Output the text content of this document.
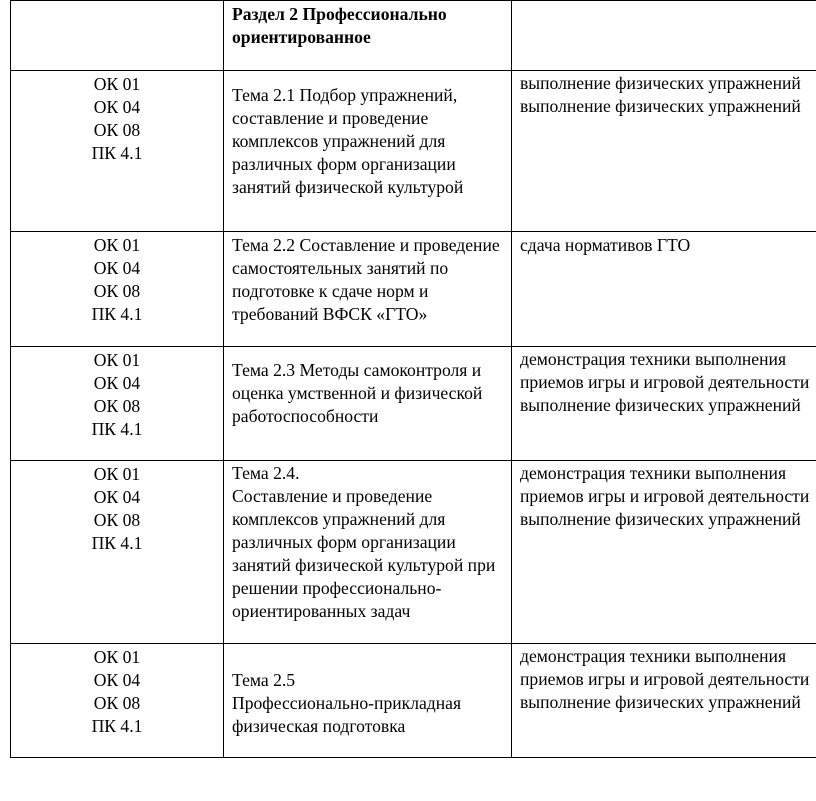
	Раздел 2 Профессионально ориентированное	

ОК 01
ОК 04
ОК 08
ПК 4.1	Тема 2.1 Подбор упражнений, составление и проведение комплексов упражнений для различных форм организации занятий физической культурой	выполнение физических упражнений выполнение физических упражнений

ОК 01
ОК 04
ОК 08
ПК 4.1	Тема 2.2 Составление и проведение самостоятельных занятий по подготовке к сдаче норм и требований ВФСК «ГТО»	сдача нормативов ГТО

ОК 01
ОК 04
ОК 08
ПК 4.1	Тема 2.3 Методы самоконтроля и оценка умственной и физической работоспособности	демонстрация техники выполнения приемов игры и игровой деятельности выполнение физических упражнений

ОК 01
ОК 04
ОК 08
ПК 4.1	Тема 2.4.
Составление и проведение комплексов упражнений для различных форм организации занятий физической культурой при решении профессионально-ориентированных задач	демонстрация техники выполнения приемов игры и игровой деятельности выполнение физических упражнений

ОК 01
ОК 04
ОК 08
ПК 4.1	Тема 2.5
Профессионально-прикладная физическая подготовка	демонстрация техники выполнения приемов игры и игровой деятельности выполнение физических упражнений
